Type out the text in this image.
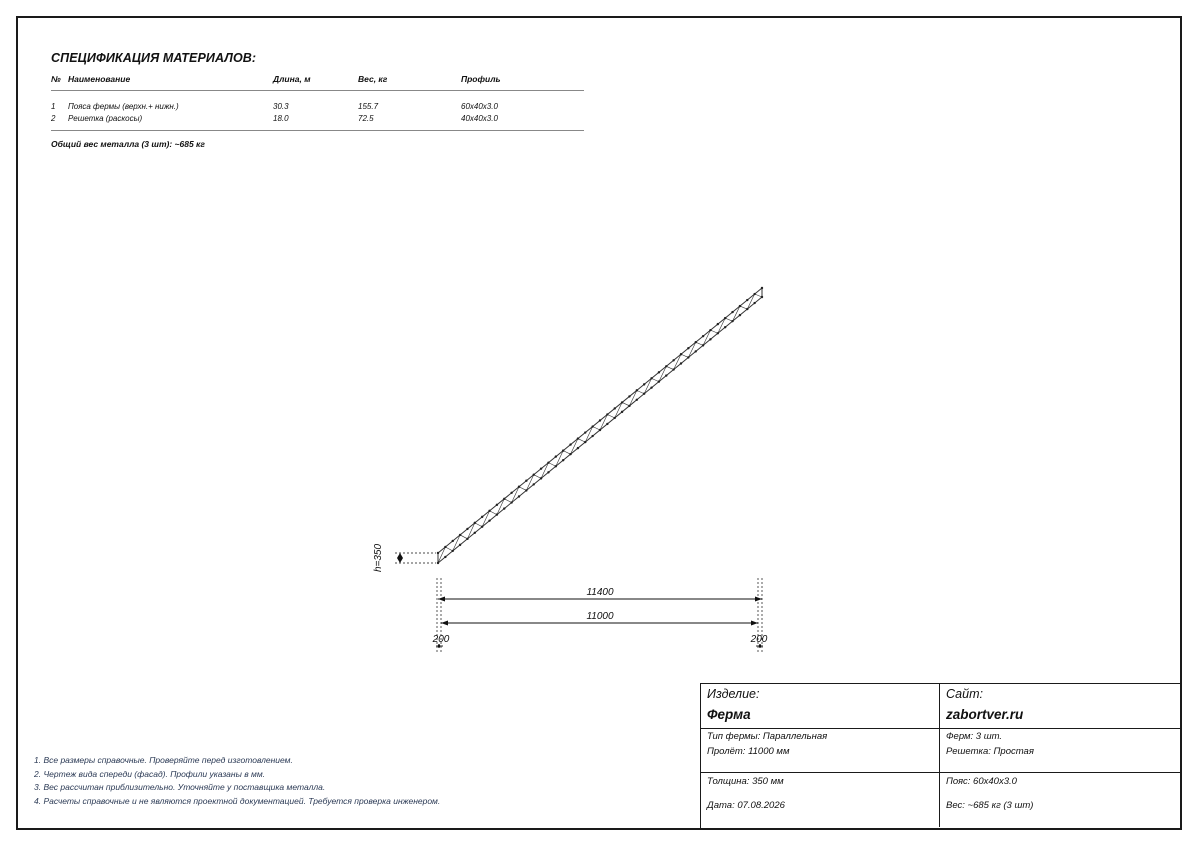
СПЕЦИФИКАЦИЯ МАТЕРИАЛОВ:
№ Наименование	Длина, м	Вес, кг	Профиль
1 Пояса фермы (верхн.+ нижн.)	30.3	155.7	60x40x3.0
2 Решетка (раскосы)	18.0	72.5	40x40x3.0
Общий вес металла (3 шт): ~685 кг
h=350
11400
11000
200	200
1. Все размеры справочные. Проверяйте перед изготовлением.
2. Чертеж вида спереди (фасад). Профили указаны в мм.
3. Вес рассчитан приблизительно. Уточняйте у поставщика металла.
4. Расчеты справочные и не являются проектной документацией. Требуется проверка инженером.
Изделие:
Ферма
Сайт:
zabortver.ru
Тип фермы: Параллельная
Пролёт: 11000 мм
Ферм: 3 шт.
Решетка: Простая
Толщина: 350 мм
Дата: 07.08.2026
Пояс: 60x40x3.0
Вес: ~685 кг (3 шт)
